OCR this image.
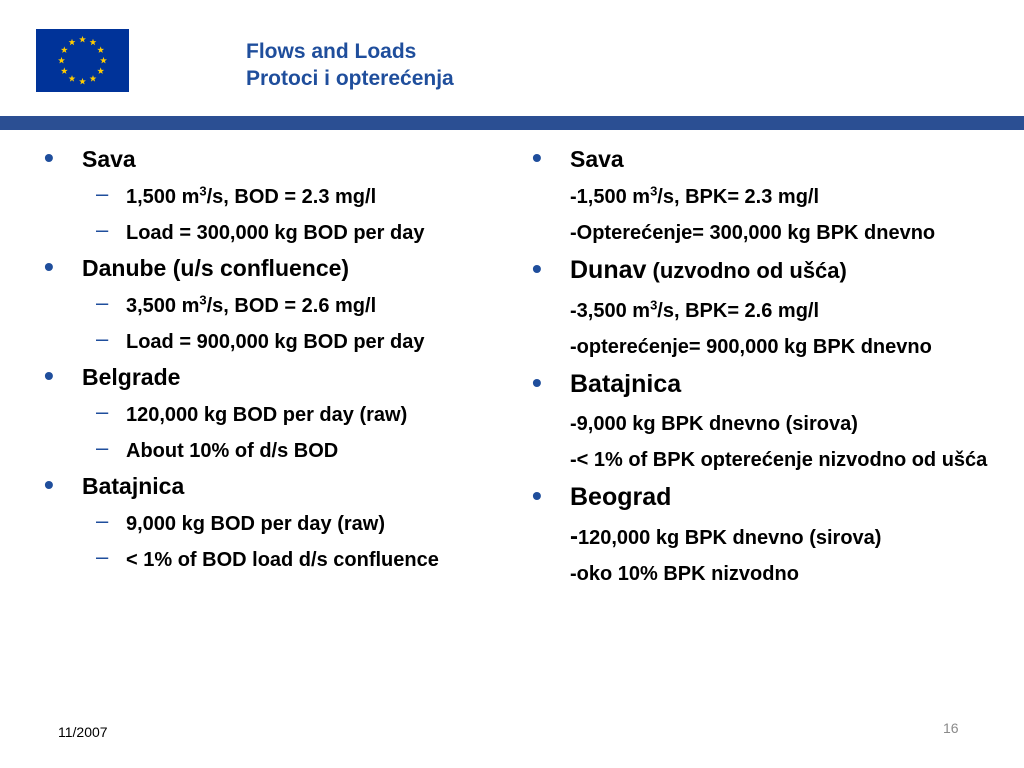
Flows and Loads
Protoci i opterećenja
• Sava
– 1,500 $m^3/s$, BOD = 2.3 mg/l
– Load = 300,000 kg BOD per day
• Danube (u/s confluence)
– 3,500 $m^3/s$, BOD = 2.6 mg/l
– Load = 900,000 kg BOD per day
• Belgrade
– 120,000 kg BOD per day (raw)
– About 10% of d/s BOD
• Batajnica
– 9,000 kg BOD per day (raw)
– < 1% of BOD load d/s confluence
• Sava
-1,500 $m^3/s$, BPK= 2.3 mg/l
-Opterećenje= 300,000 kg BPK dnevno
• Dunav (uzvodno od ušća)
-3,500 $m^3/s$, BPK= 2.6 mg/l
-opterećenje= 900,000 kg BPK dnevno
• Batajnica
-9,000 kg BPK dnevno (sirova)
-< 1% of BPK opterećenje nizvodno od ušća
• Beograd
-120,000 kg BPK dnevno (sirova)
-oko 10% BPK nizvodno
11/2007	16
